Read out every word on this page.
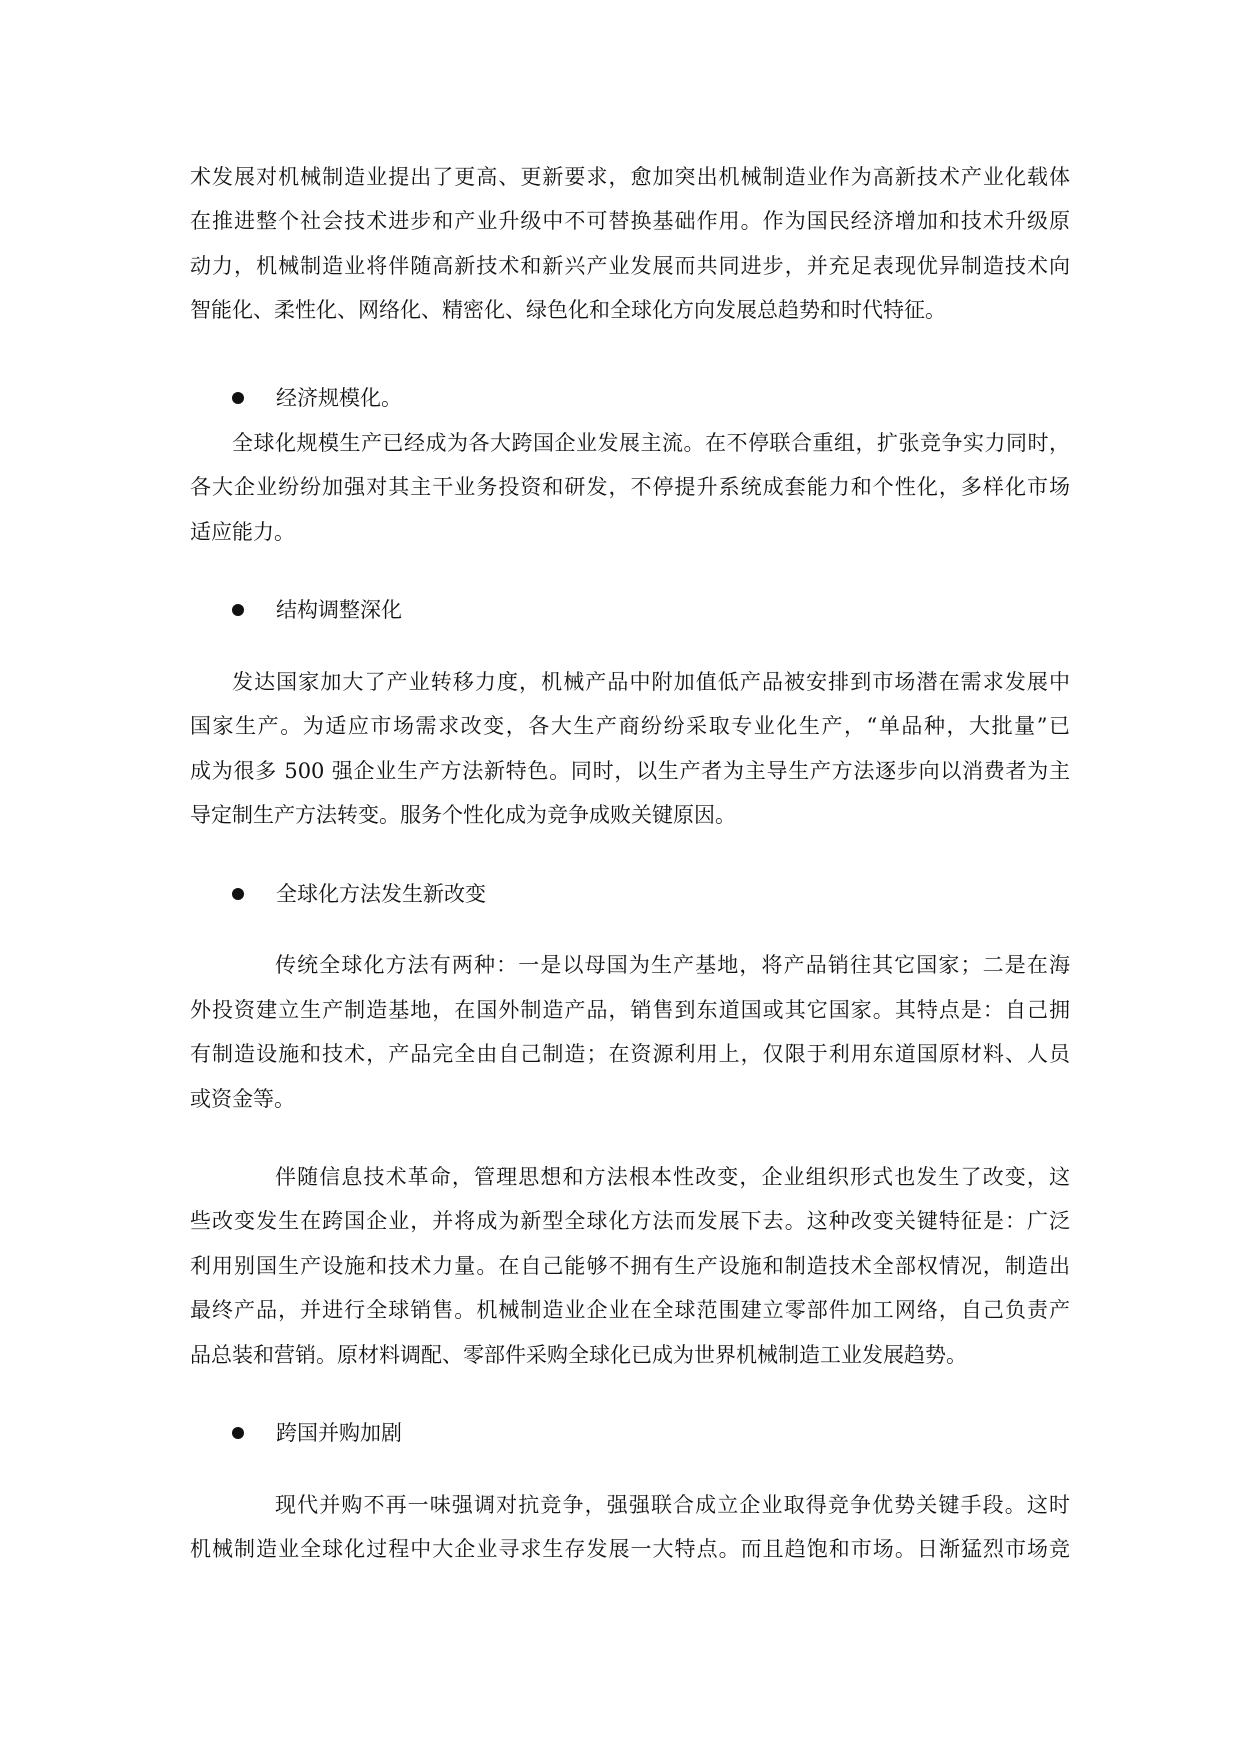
术发展对机械制造业提出了更高、更新要求，愈加突出机械制造业作为高新技术产业化载体
在推进整个社会技术进步和产业升级中不可替换基础作用。作为国民经济增加和技术升级原
动力，机械制造业将伴随高新技术和新兴产业发展而共同进步，并充足表现优异制造技术向
智能化、柔性化、网络化、精密化、绿色化和全球化方向发展总趋势和时代特征。
经济规模化。
全球化规模生产已经成为各大跨国企业发展主流。在不停联合重组，扩张竞争实力同时，
各大企业纷纷加强对其主干业务投资和研发，不停提升系统成套能力和个性化，多样化市场
适应能力。
结构调整深化
发达国家加大了产业转移力度，机械产品中附加值低产品被安排到市场潜在需求发展中
国家生产。为适应市场需求改变，各大生产商纷纷采取专业化生产，“单品种，大批量”已
成为很多 500 强企业生产方法新特色。同时，以生产者为主导生产方法逐步向以消费者为主
导定制生产方法转变。服务个性化成为竞争成败关键原因。
全球化方法发生新改变
传统全球化方法有两种：一是以母国为生产基地，将产品销往其它国家；二是在海
外投资建立生产制造基地，在国外制造产品，销售到东道国或其它国家。其特点是：自己拥
有制造设施和技术，产品完全由自己制造；在资源利用上，仅限于利用东道国原材料、人员
或资金等。
伴随信息技术革命，管理思想和方法根本性改变，企业组织形式也发生了改变，这
些改变发生在跨国企业，并将成为新型全球化方法而发展下去。这种改变关键特征是：广泛
利用别国生产设施和技术力量。在自己能够不拥有生产设施和制造技术全部权情况，制造出
最终产品，并进行全球销售。机械制造业企业在全球范围建立零部件加工网络，自己负责产
品总装和营销。原材料调配、零部件采购全球化已成为世界机械制造工业发展趋势。
跨国并购加剧
现代并购不再一味强调对抗竞争，强强联合成立企业取得竞争优势关键手段。这时
机械制造业全球化过程中大企业寻求生存发展一大特点。而且趋饱和市场。日渐猛烈市场竞
